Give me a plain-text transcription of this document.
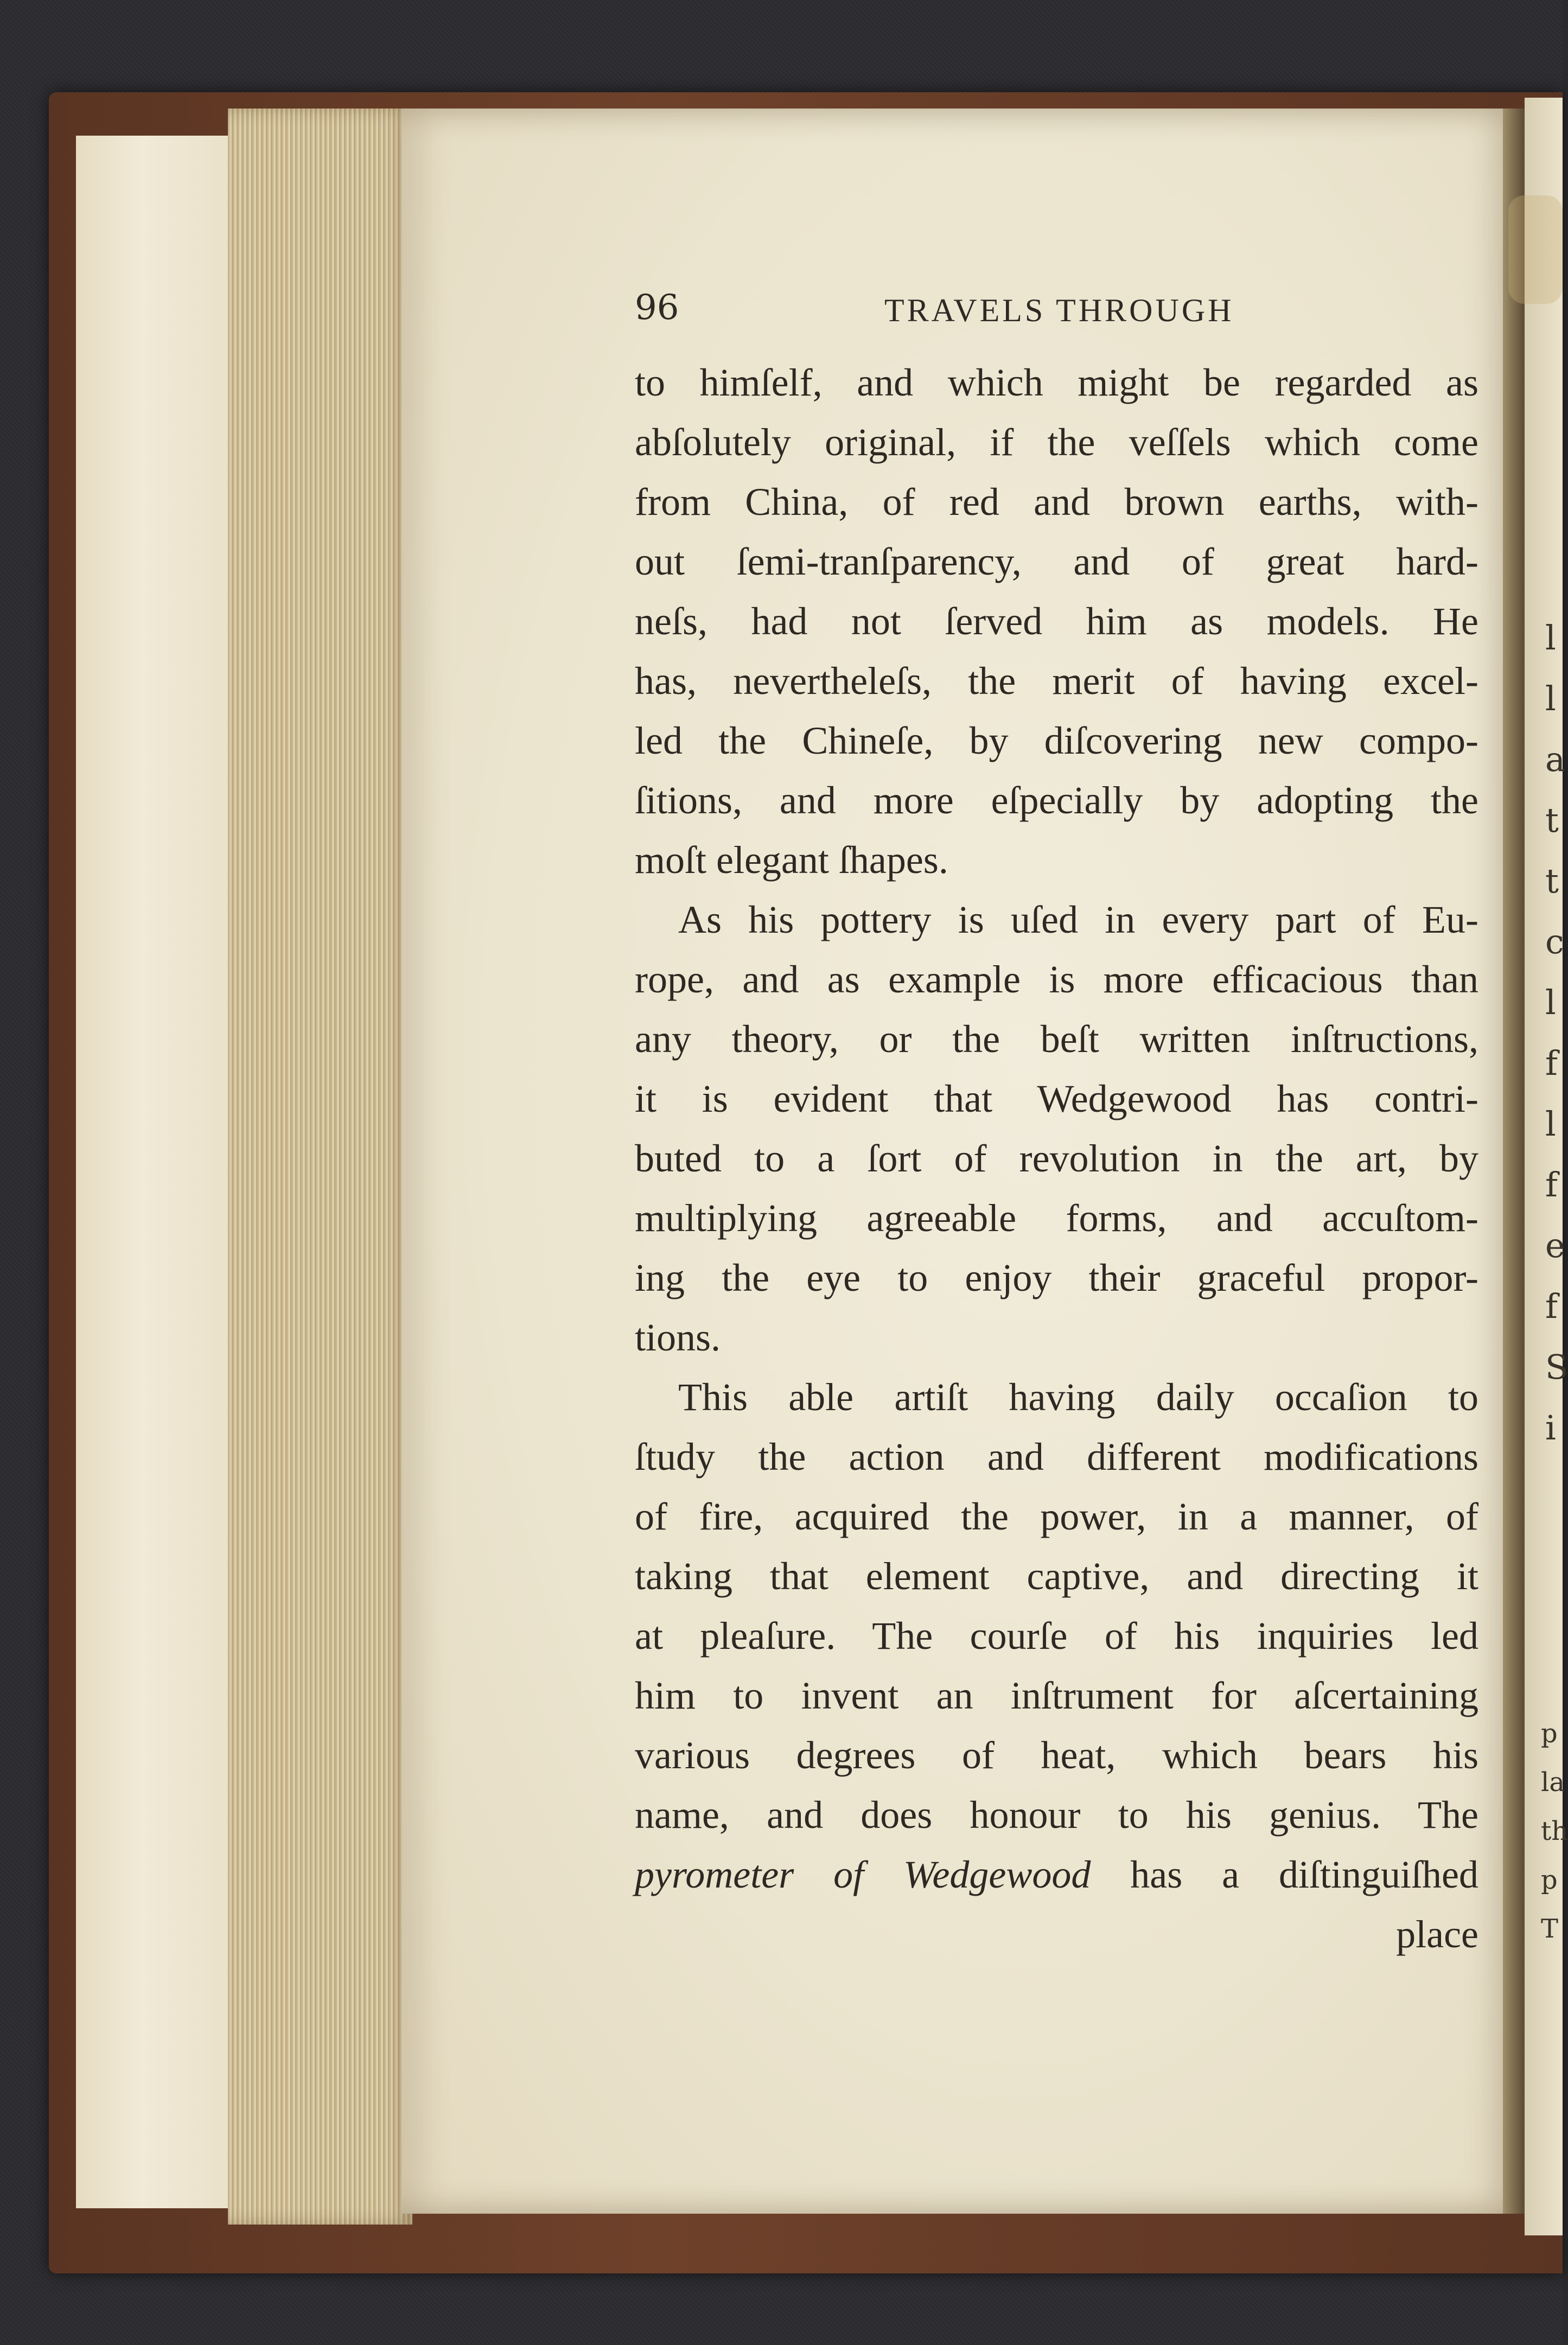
l
l
a
t
t
c
l
f
l
f
e
f
S
i
p
la
th
p
T
96	TRAVELS THROUGH
to himſelf, and which might be regarded as
abſolutely original, if the veſſels which come
from China, of red and brown earths, with-
out ſemi-tranſparency, and of great hard-
neſs, had not ſerved him as models. He
has, nevertheleſs, the merit of having excel-
led the Chineſe, by diſcovering new compo-
ſitions, and more eſpecially by adopting the
moſt elegant ſhapes.
As his pottery is uſed in every part of Eu-
rope, and as example is more efficacious than
any theory, or the beſt written inſtructions,
it is evident that Wedgewood has contri-
buted to a ſort of revolution in the art, by
multiplying agreeable forms, and accuſtom-
ing the eye to enjoy their graceful propor-
tions.
This able artiſt having daily occaſion to
ſtudy the action and different modifications
of fire, acquired the power, in a manner, of
taking that element captive, and directing it
at pleaſure. The courſe of his inquiries led
him to invent an inſtrument for aſcertaining
various degrees of heat, which bears his
name, and does honour to his genius. The
pyrometer of Wedgewood has a diſtinguiſhed
place
